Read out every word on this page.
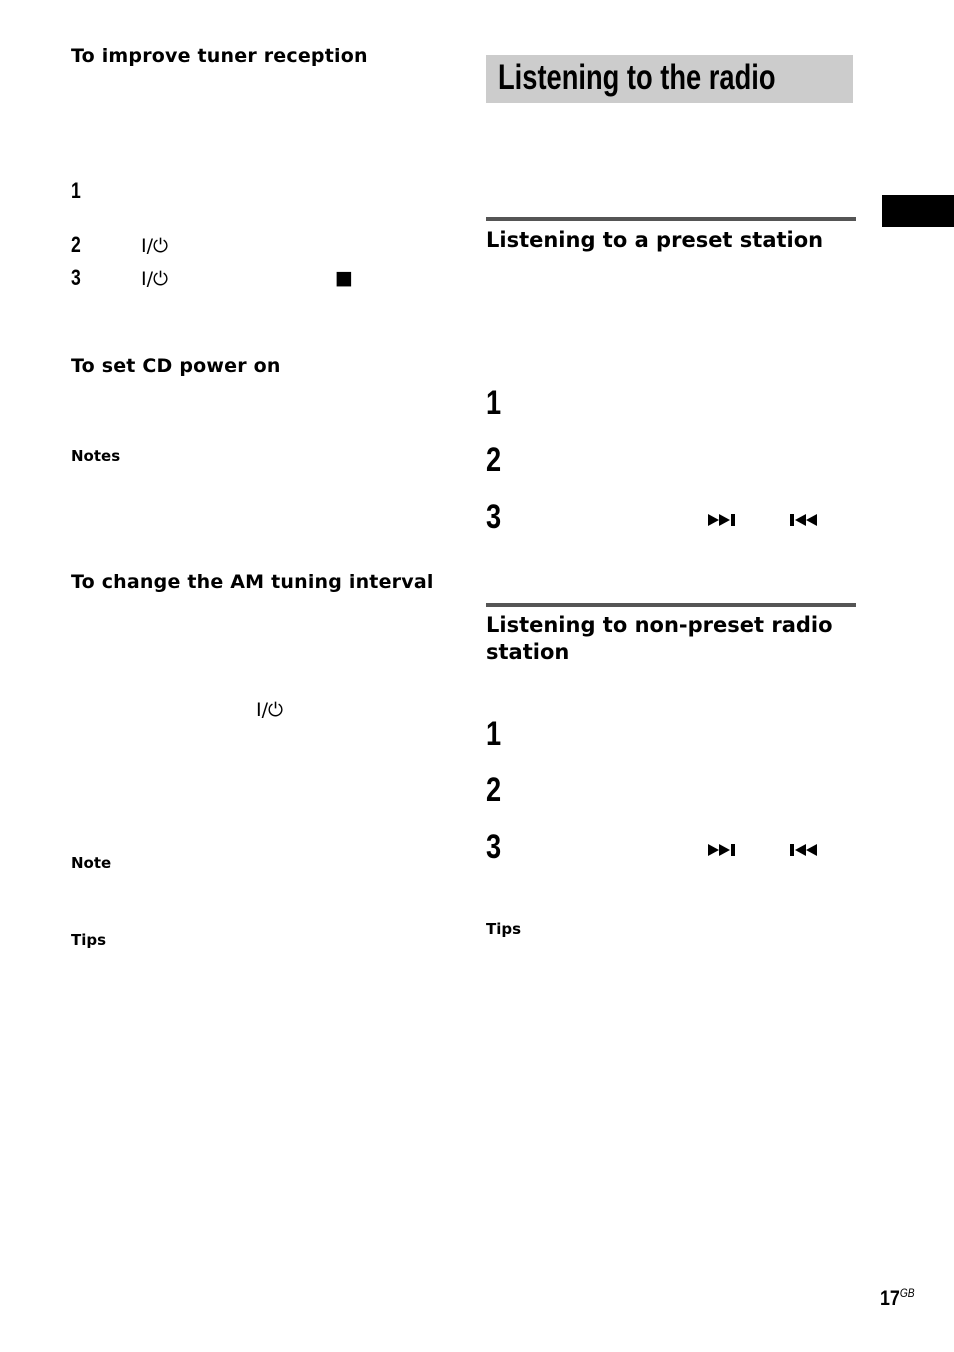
To improve tuner reception
1
2	I/⏻
3	I/⏻	■
To set CD power on
Notes
To change the AM tuning interval
I/⏻
Note
Tips
Listening to the radio
Listening to a preset station
1
2
3
Listening to non-preset radio station
1
2
3
Tips
$17^{GB}$
